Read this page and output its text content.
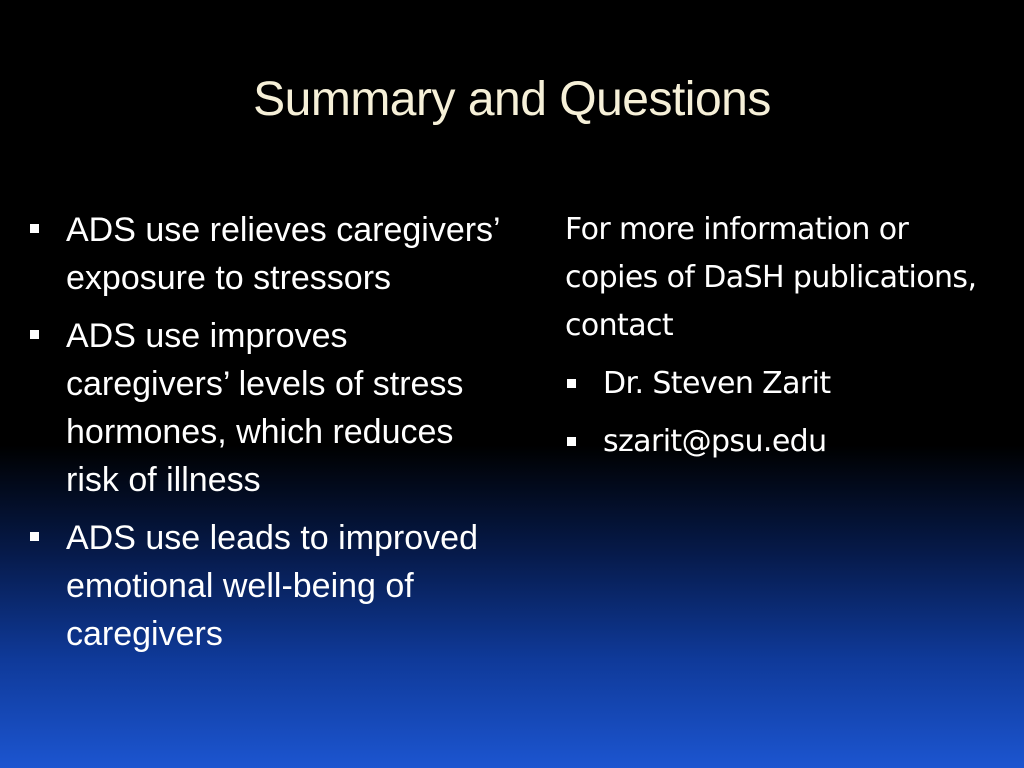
Summary and Questions
ADS use relieves caregivers’ exposure to stressors
ADS use improves caregivers’ levels of stress hormones, which reduces risk of illness
ADS use leads to improved emotional well-being of caregivers

For more information or copies of DaSH publications, contact

Dr. Steven Zarit
szarit@psu.edu
